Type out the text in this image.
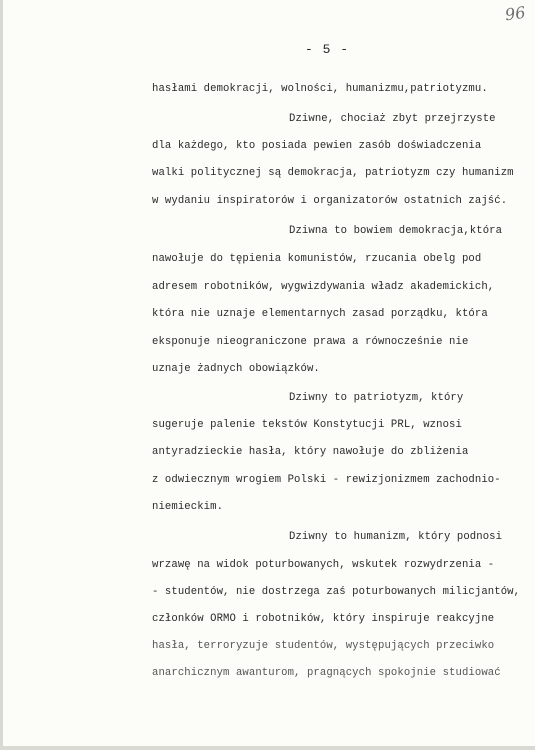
96
- 5 -
hasłami demokracji, wolności, humanizmu,patriotyzmu.
Dziwne, chociaż zbyt przejrzyste
dla każdego, kto posiada pewien zasób doświadczenia
walki politycznej są demokracja, patriotyzm czy humanizm
w wydaniu inspiratorów i organizatorów ostatnich zajść.
Dziwna to bowiem demokracja,która
nawołuje do tępienia komunistów, rzucania obelg pod
adresem robotników, wygwizdywania władz akademickich,
która nie uznaje elementarnych zasad porządku, która
eksponuje nieograniczone prawa a równocześnie nie
uznaje żadnych obowiązków.
Dziwny to patriotyzm, który
sugeruje palenie tekstów Konstytucji PRL, wznosi
antyradzieckie hasła, który nawołuje do zbliżenia
z odwiecznym wrogiem Polski - rewizjonizmem zachodnio-
niemieckim.
Dziwny to humanizm, który podnosi
wrzawę na widok poturbowanych, wskutek rozwydrzenia -
- studentów, nie dostrzega zaś poturbowanych milicjantów,
członków ORMO i robotników, który inspiruje reakcyjne
hasła, terroryzuje studentów, występujących przeciwko
anarchicznym awanturom, pragnących spokojnie studiować
